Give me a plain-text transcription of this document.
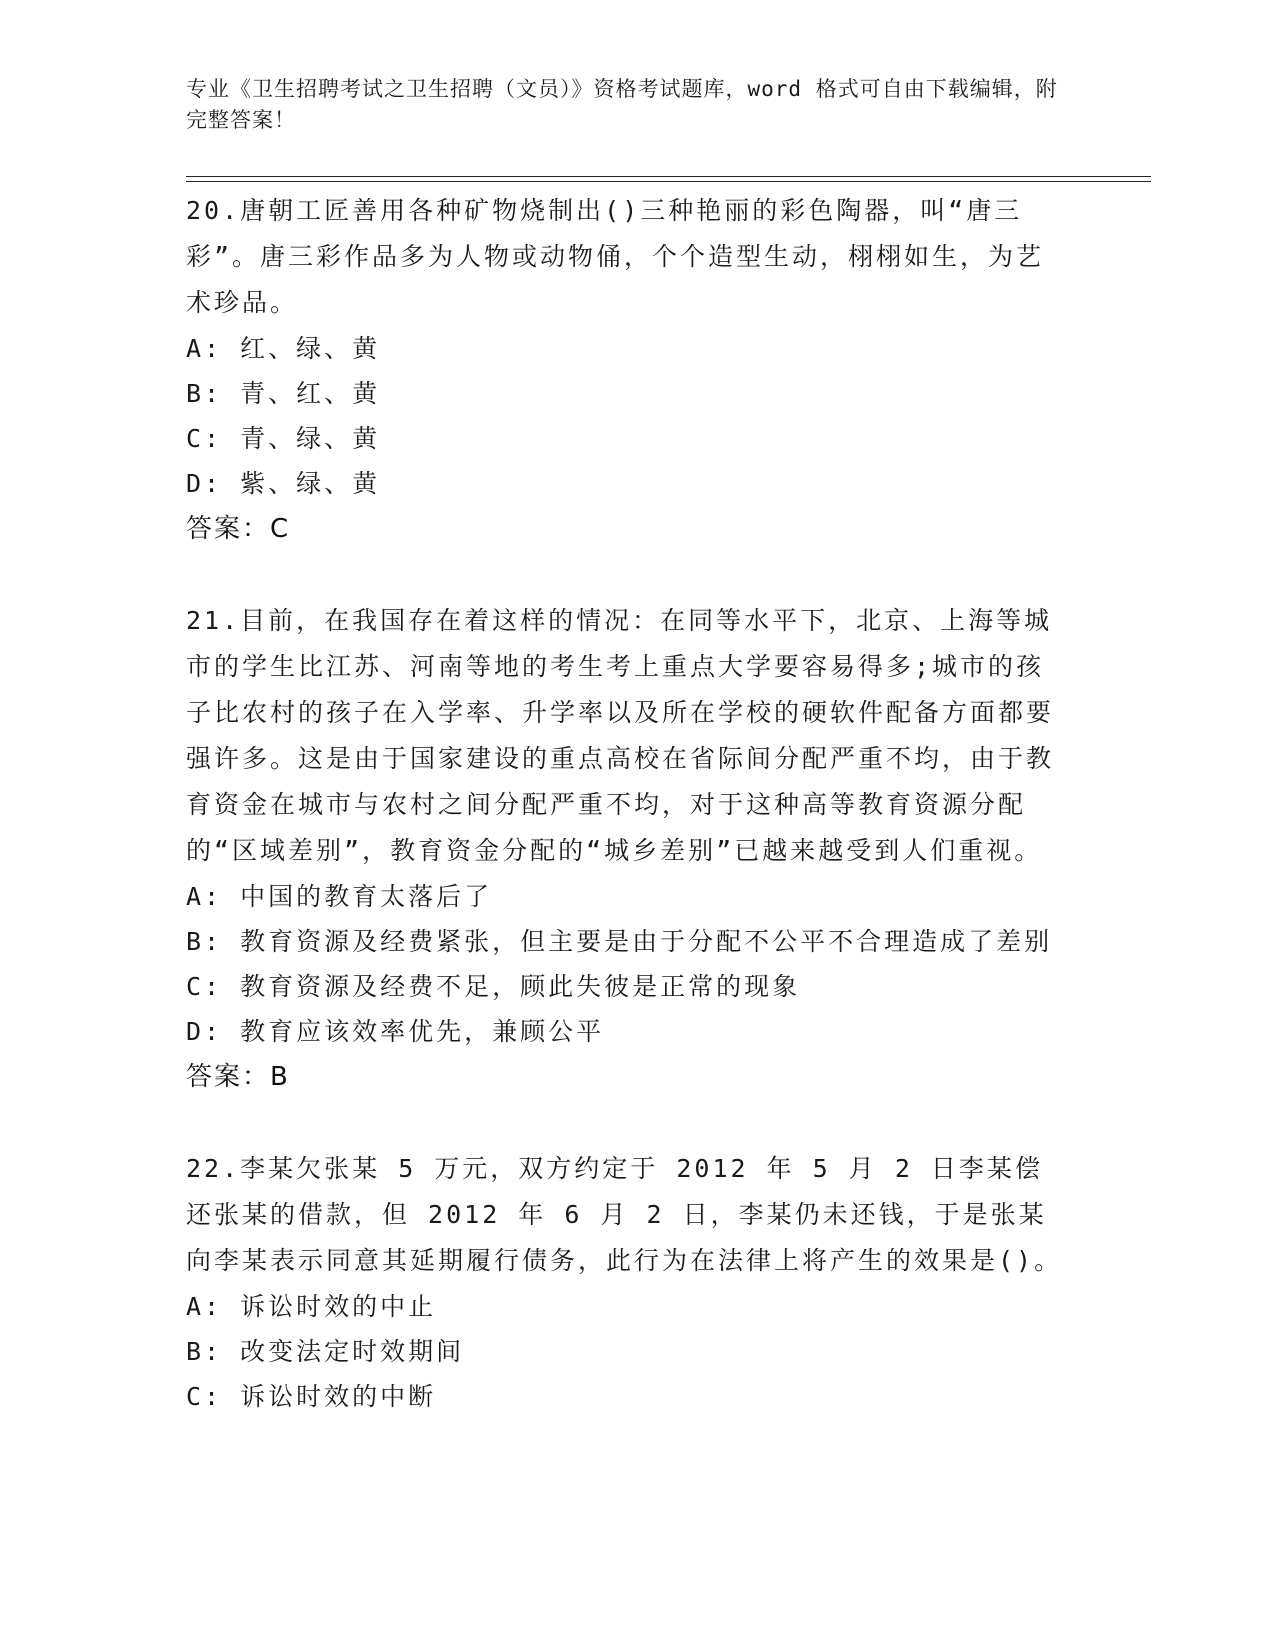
专业《卫生招聘考试之卫生招聘（文员）》资格考试题库，word 格式可自由下载编辑，附完整答案！

20.唐朝工匠善用各种矿物烧制出()三种艳丽的彩色陶器，叫“唐三彩”。唐三彩作品多为人物或动物俑，个个造型生动，栩栩如生，为艺术珍品。

A: 红、绿、黄

B: 青、红、黄

C: 青、绿、黄

D: 紫、绿、黄

答案：C

21.目前，在我国存在着这样的情况：在同等水平下，北京、上海等城市的学生比江苏、河南等地的考生考上重点大学要容易得多;城市的孩子比农村的孩子在入学率、升学率以及所在学校的硬软件配备方面都要强许多。这是由于国家建设的重点高校在省际间分配严重不均，由于教育资金在城市与农村之间分配严重不均，对于这种高等教育资源分配的“区域差别”，教育资金分配的“城乡差别”已越来越受到人们重视。

A: 中国的教育太落后了

B: 教育资源及经费紧张，但主要是由于分配不公平不合理造成了差别

C: 教育资源及经费不足，顾此失彼是正常的现象

D: 教育应该效率优先，兼顾公平

答案：B

22.李某欠张某 5 万元，双方约定于 2012 年 5 月 2 日李某偿还张某的借款，但 2012 年 6 月 2 日，李某仍未还钱，于是张某向李某表示同意其延期履行债务，此行为在法律上将产生的效果是()。

A: 诉讼时效的中止

B: 改变法定时效期间

C: 诉讼时效的中断
